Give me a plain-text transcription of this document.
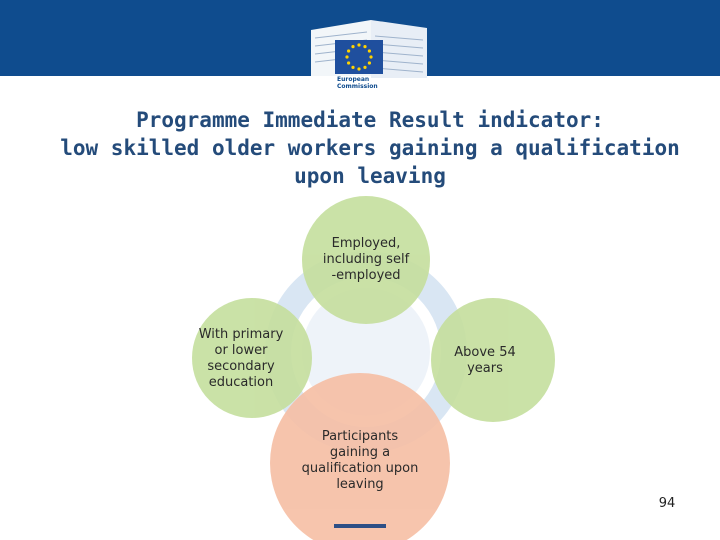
European
Commission
Programme Immediate Result indicator:
low skilled older workers gaining a qualification
upon leaving
Employed,
including self
-employed
With primary
or lower
secondary
education
Above 54
years
Participants
gaining a
qualification upon
leaving
94
